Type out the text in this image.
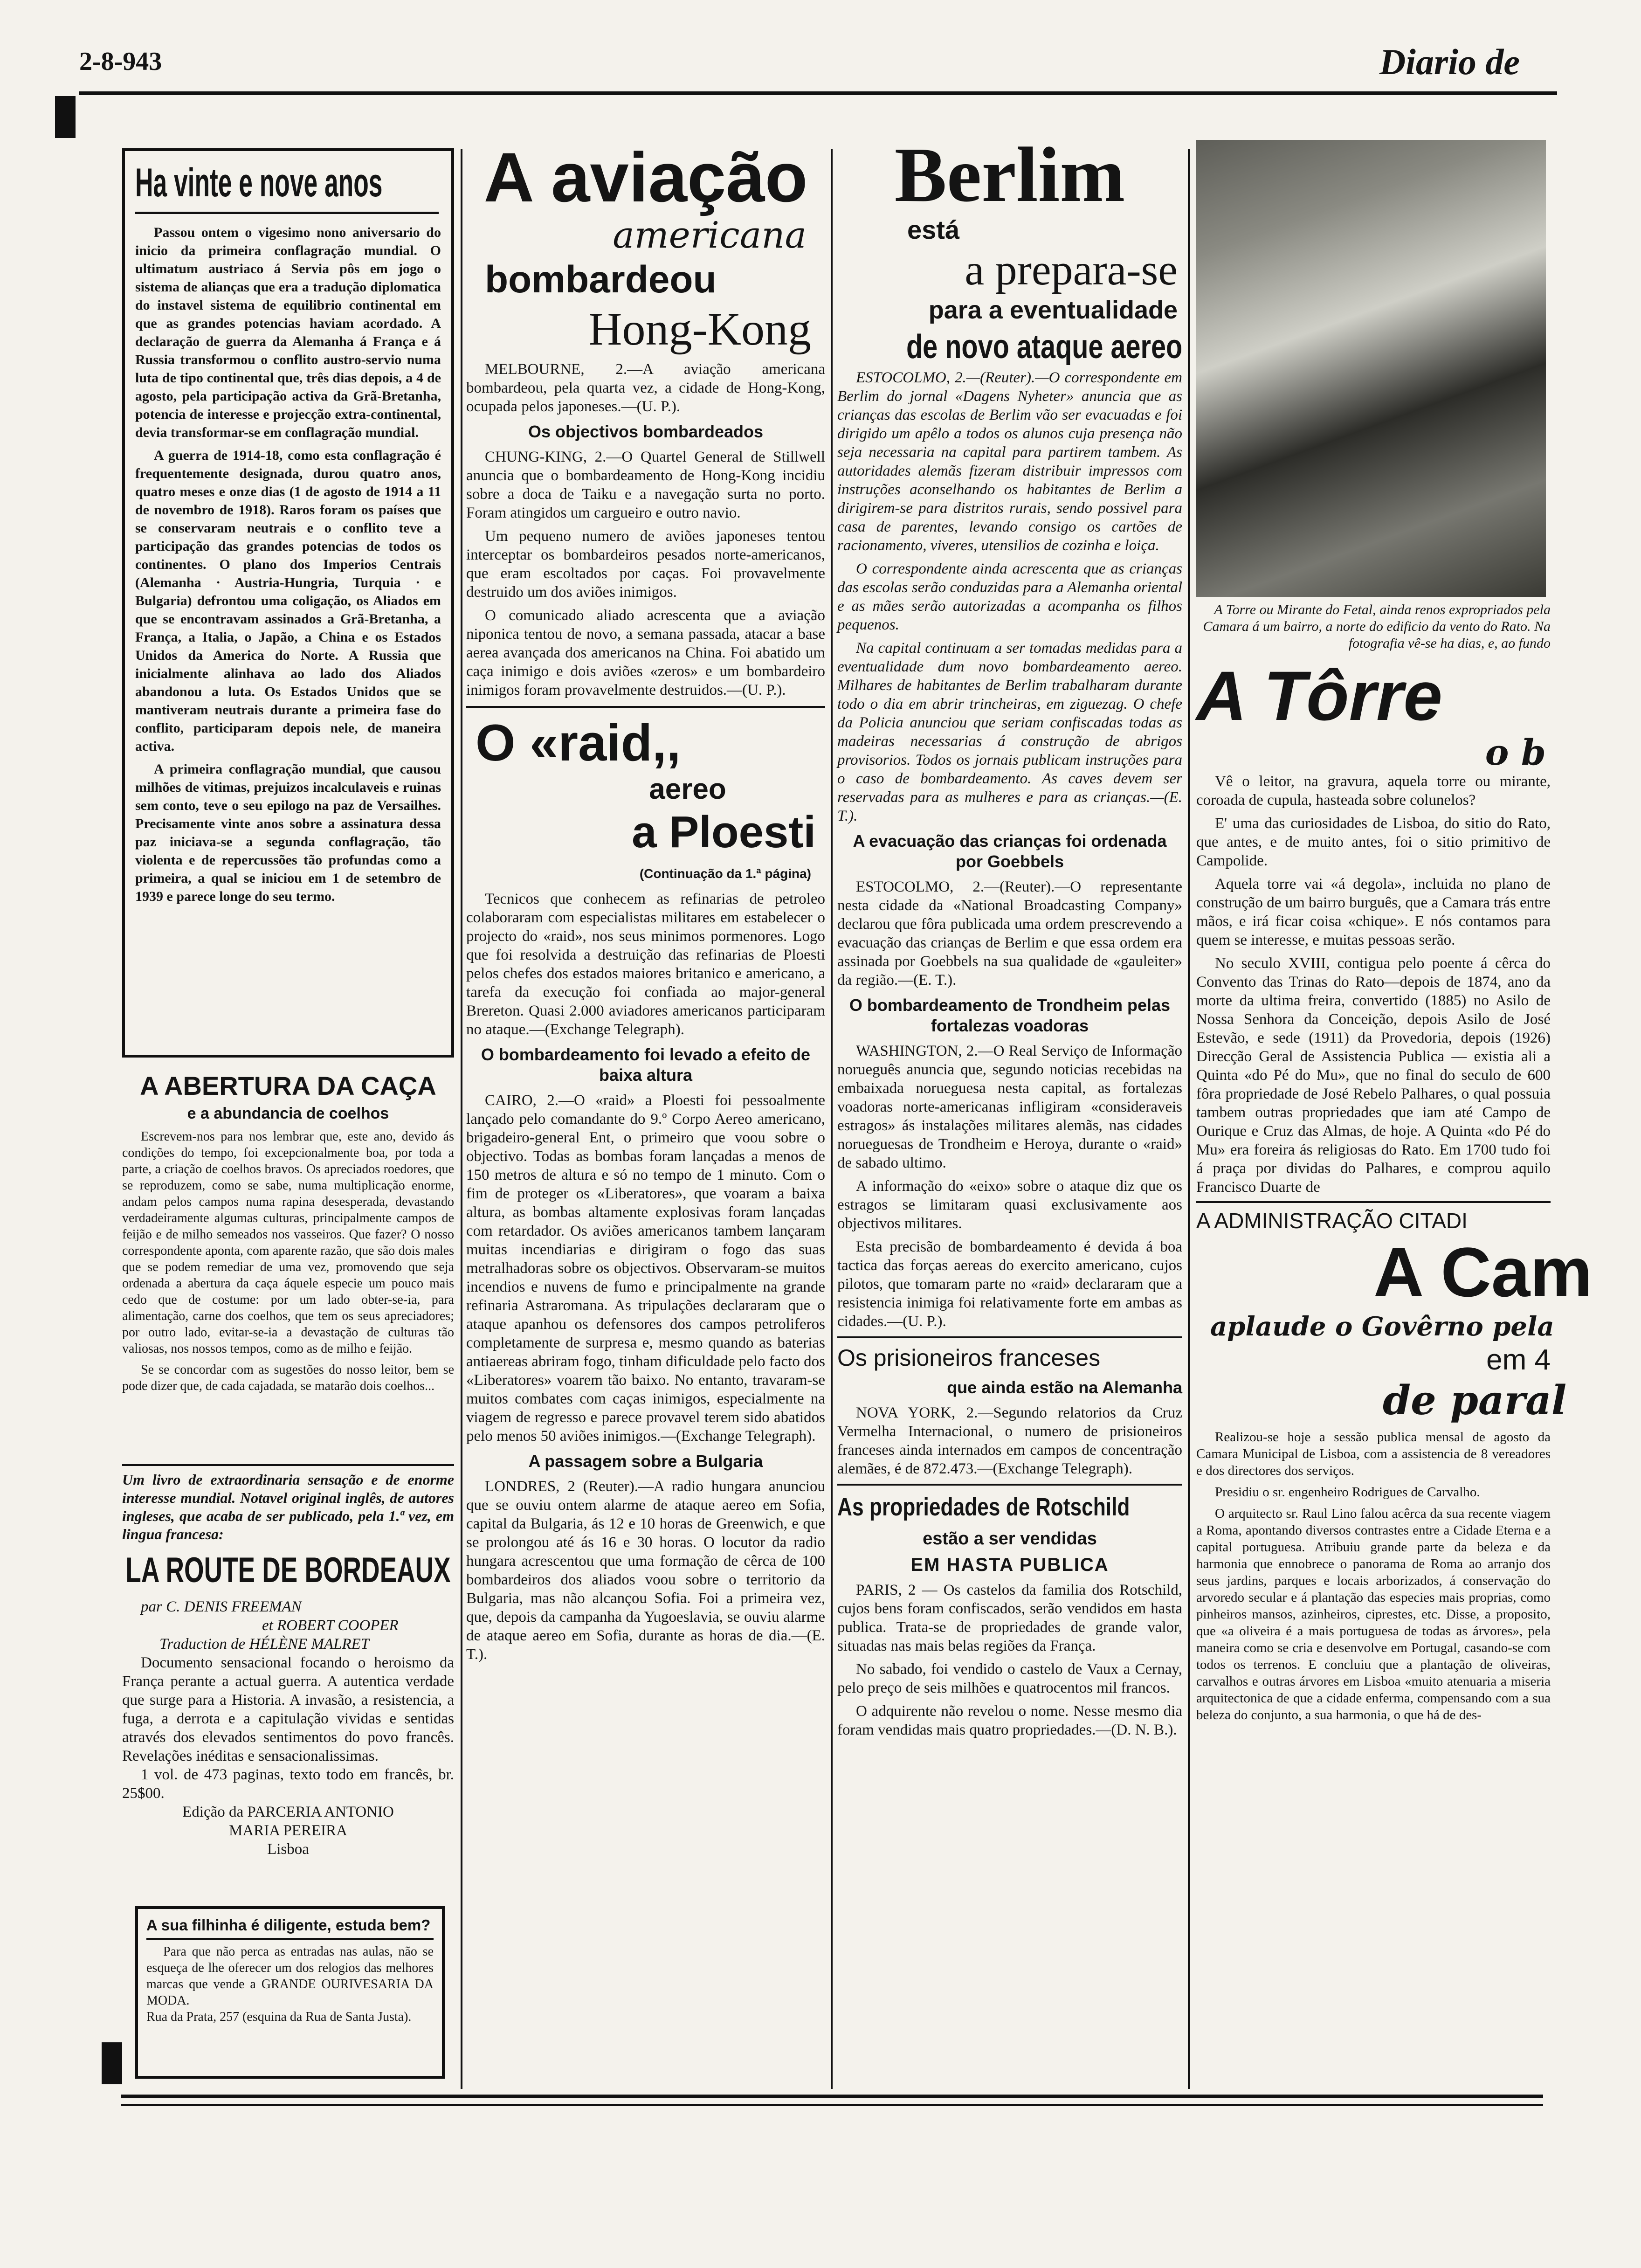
2-8-943	Diario de
Ha vinte e nove anos

Passou ontem o vigesimo nono aniversario do inicio da primeira conflagração mundial. O ultimatum austriaco á Servia pôs em jogo o sistema de alianças que era a tradução diplomatica do instavel sistema de equilibrio continental em que as grandes potencias haviam acordado. A declaração de guerra da Alemanha á França e á Russia transformou o conflito austro-servio numa luta de tipo continental que, três dias depois, a 4 de agosto, pela participação activa da Grã-Bretanha, potencia de interesse e projecção extra-continental, devia transformar-se em conflagração mundial.

A guerra de 1914-18, como esta conflagração é frequentemente designada, durou quatro anos, quatro meses e onze dias (1 de agosto de 1914 a 11 de novembro de 1918). Raros foram os países que se conservaram neutrais e o conflito teve a participação das grandes potencias de todos os continentes. O plano dos Imperios Centrais (Alemanha · Austria-Hungria, Turquia · e Bulgaria) defrontou uma coligação, os Aliados em que se encontravam assinados a Grã-Bretanha, a França, a Italia, o Japão, a China e os Estados Unidos da America do Norte. A Russia que inicialmente alinhava ao lado dos Aliados abandonou a luta. Os Estados Unidos que se mantiveram neutrais durante a primeira fase do conflito, participaram depois nele, de maneira activa.

A primeira conflagração mundial, que causou milhões de vitimas, prejuizos incalculaveis e ruinas sem conto, teve o seu epilogo na paz de Versailhes. Precisamente vinte anos sobre a assinatura dessa paz iniciava-se a segunda conflagração, tão violenta e de repercussões tão profundas como a primeira, a qual se iniciou em 1 de setembro de 1939 e parece longe do seu termo.

A ABERTURA DA CAÇA
e a abundancia de coelhos

Escrevem-nos para nos lembrar que, este ano, devido ás condições do tempo, foi excepcionalmente boa, por toda a parte, a criação de coelhos bravos. Os apreciados roedores, que se reproduzem, como se sabe, numa multiplicação enorme, andam pelos campos numa rapina desesperada, devastando verdadeiramente algumas culturas, principalmente campos de feijão e de milho semeados nos vasseiros. Que fazer? O nosso correspondente aponta, com aparente razão, que são dois males que se podem remediar de uma vez, promovendo que seja ordenada a abertura da caça áquele especie um pouco mais cedo que de costume: por um lado obter-se-ia, para alimentação, carne dos coelhos, que tem os seus apreciadores; por outro lado, evitar-se-ia a devastação de culturas tão valiosas, nos nossos tempos, como as de milho e feijão.

Se se concordar com as sugestões do nosso leitor, bem se pode dizer que, de cada cajadada, se matarão dois coelhos...

Um livro de extraordinaria sensação e de enorme interesse mundial. Notavel original inglês, de autores ingleses, que acaba de ser publicado, pela 1.ª vez, em lingua francesa:
LA ROUTE DE BORDEAUX
par C. DENIS FREEMAN
et ROBERT COOPER
Traduction de HÉLÈNE MALRET
Documento sensacional focando o heroismo da França perante a actual guerra. A autentica verdade que surge para a Historia. A invasão, a resistencia, a fuga, a derrota e a capitulação vividas e sentidas através dos elevados sentimentos do povo francês. Revelações inéditas e sensacionalissimas.
1 vol. de 473 paginas, texto todo em francês, br. 25$00.
Edição da PARCERIA ANTONIO
MARIA PEREIRA
Lisboa
A sua filhinha é diligente, estuda bem?
Para que não perca as entradas nas aulas, não se esqueça de lhe oferecer um dos relogios das melhores marcas que vende a GRANDE OURIVESARIA DA MODA.
Rua da Prata, 257 (esquina da Rua de Santa Justa).
A aviação
americana
bombardeou
Hong-Kong

MELBOURNE, 2.—A aviação americana bombardeou, pela quarta vez, a cidade de Hong-Kong, ocupada pelos japoneses.—(U. P.).

Os objectivos bombardeados

CHUNG-KING, 2.—O Quartel General de Stillwell anuncia que o bombardeamento de Hong-Kong incidiu sobre a doca de Taiku e a navegação surta no porto. Foram atingidos um cargueiro e outro navio.

Um pequeno numero de aviões japoneses tentou interceptar os bombardeiros pesados norte-americanos, que eram escoltados por caças. Foi provavelmente destruido um dos aviões inimigos.

O comunicado aliado acrescenta que a aviação niponica tentou de novo, a semana passada, atacar a base aerea avançada dos americanos na China. Foi abatido um caça inimigo e dois aviões «zeros» e um bombardeiro inimigos foram provavelmente destruidos.—(U. P.).

O «raid,,
aereo
a Ploesti
(Continuação da 1.ª página)

Tecnicos que conhecem as refinarias de petroleo colaboraram com especialistas militares em estabelecer o projecto do «raid», nos seus minimos pormenores. Logo que foi resolvida a destruição das refinarias de Ploesti pelos chefes dos estados maiores britanico e americano, a tarefa da execução foi confiada ao major-general Brereton. Quasi 2.000 aviadores americanos participaram no ataque.—(Exchange Telegraph).

O bombardeamento foi levado a efeito de baixa altura

CAIRO, 2.—O «raid» a Ploesti foi pessoalmente lançado pelo comandante do 9.º Corpo Aereo americano, brigadeiro-general Ent, o primeiro que voou sobre o objectivo. Todas as bombas foram lançadas a menos de 150 metros de altura e só no tempo de 1 minuto. Com o fim de proteger os «Liberatores», que voaram a baixa altura, as bombas altamente explosivas foram lançadas com retardador. Os aviões americanos tambem lançaram muitas incendiarias e dirigiram o fogo das suas metralhadoras sobre os objectivos. Observaram-se muitos incendios e nuvens de fumo e principalmente na grande refinaria Astraromana. As tripulações declararam que o ataque apanhou os defensores dos campos petroliferos completamente de surpresa e, mesmo quando as baterias antiaereas abriram fogo, tinham dificuldade pelo facto dos «Liberatores» voarem tão baixo. No entanto, travaram-se muitos combates com caças inimigos, especialmente na viagem de regresso e parece provavel terem sido abatidos pelo menos 50 aviões inimigos.—(Exchange Telegraph).

A passagem sobre a Bulgaria

LONDRES, 2 (Reuter).—A radio hungara anunciou que se ouviu ontem alarme de ataque aereo em Sofia, capital da Bulgaria, ás 12 e 10 horas de Greenwich, e que se prolongou até ás 16 e 30 horas. O locutor da radio hungara acrescentou que uma formação de cêrca de 100 bombardeiros dos aliados voou sobre o territorio da Bulgaria, mas não alcançou Sofia. Foi a primeira vez, que, depois da campanha da Yugoeslavia, se ouviu alarme de ataque aereo em Sofia, durante as horas de dia.—(E. T.).

Berlim
está
a prepara-se
para a eventualidade
de novo ataque aereo

ESTOCOLMO, 2.—(Reuter).—O correspondente em Berlim do jornal «Dagens Nyheter» anuncia que as crianças das escolas de Berlim vão ser evacuadas e foi dirigido um apêlo a todos os alunos cuja presença não seja necessaria na capital para partirem tambem. As autoridades alemãs fizeram distribuir impressos com instruções aconselhando os habitantes de Berlim a dirigirem-se para distritos rurais, sendo possivel para casa de parentes, levando consigo os cartões de racionamento, viveres, utensilios de cozinha e loiça.

O correspondente ainda acrescenta que as crianças das escolas serão conduzidas para a Alemanha oriental e as mães serão autorizadas a acompanha os filhos pequenos.

Na capital continuam a ser tomadas medidas para a eventualidade dum novo bombardeamento aereo. Milhares de habitantes de Berlim trabalharam durante todo o dia em abrir trincheiras, em ziguezag. O chefe da Policia anunciou que seriam confiscadas todas as madeiras necessarias á construção de abrigos provisorios. Todos os jornais publicam instruções para o caso de bombardeamento. As caves devem ser reservadas para as mulheres e para as crianças.—(E. T.).

A evacuação das crianças foi ordenada por Goebbels

ESTOCOLMO, 2.—(Reuter).—O representante nesta cidade da «National Broadcasting Company» declarou que fôra publicada uma ordem prescrevendo a evacuação das crianças de Berlim e que essa ordem era assinada por Goebbels na sua qualidade de «gauleiter» da região.—(E. T.).

O bombardeamento de Trondheim pelas fortalezas voadoras

WASHINGTON, 2.—O Real Serviço de Informação norueguês anuncia que, segundo noticias recebidas na embaixada norueguesa nesta capital, as fortalezas voadoras norte-americanas infligiram «consideraveis estragos» ás instalações militares alemãs, nas cidades norueguesas de Trondheim e Heroya, durante o «raid» de sabado ultimo.

A informação do «eixo» sobre o ataque diz que os estragos se limitaram quasi exclusivamente aos objectivos militares.

Esta precisão de bombardeamento é devida á boa tactica das forças aereas do exercito americano, cujos pilotos, que tomaram parte no «raid» declararam que a resistencia inimiga foi relativamente forte em ambas as cidades.—(U. P.).

Os prisioneiros franceses
que ainda estão na Alemanha

NOVA YORK, 2.—Segundo relatorios da Cruz Vermelha Internacional, o numero de prisioneiros franceses ainda internados em campos de concentração alemães, é de 872.473.—(Exchange Telegraph).

As propriedades de Rotschild
estão a ser vendidas
EM HASTA PUBLICA

PARIS, 2 — Os castelos da familia dos Rotschild, cujos bens foram confiscados, serão vendidos em hasta publica. Trata-se de propriedades de grande valor, situadas nas mais belas regiões da França.

No sabado, foi vendido o castelo de Vaux a Cernay, pelo preço de seis milhões e quatrocentos mil francos.

O adquirente não revelou o nome. Nesse mesmo dia foram vendidas mais quatro propriedades.—(D. N. B.).

A Torre ou Mirante do Fetal, ainda renos expropriados pela Camara á um bairro, a norte do edificio da vento do Rato. Na fotografia vê-se ha dias, e, ao fundo
A Tôrre
o b

Vê o leitor, na gravura, aquela torre ou mirante, coroada de cupula, hasteada sobre colunelos?

E' uma das curiosidades de Lisboa, do sitio do Rato, que antes, e de muito antes, foi o sitio primitivo de Campolide.

Aquela torre vai «á degola», incluida no plano de construção de um bairro burguês, que a Camara trás entre mãos, e irá ficar coisa «chique». E nós contamos para quem se interesse, e muitas pessoas serão.

No seculo XVIII, contigua pelo poente á cêrca do Convento das Trinas do Rato—depois de 1874, ano da morte da ultima freira, convertido (1885) no Asilo de Nossa Senhora da Conceição, depois Asilo de José Estevão, e sede (1911) da Provedoria, depois (1926) Direcção Geral de Assistencia Publica — existia ali a Quinta «do Pé do Mu», que no final do seculo de 600 fôra propriedade de José Rebelo Palhares, o qual possuia tambem outras propriedades que iam até Campo de Ourique e Cruz das Almas, de hoje. A Quinta «do Pé do Mu» era foreira ás religiosas do Rato. Em 1700 tudo foi á praça por dividas do Palhares, e comprou aquilo Francisco Duarte de

A ADMINISTRAÇÃO CITADI
A Cam
aplaude o Govêrno pela
em 4
de paral

Realizou-se hoje a sessão publica mensal de agosto da Camara Municipal de Lisboa, com a assistencia de 8 vereadores e dos directores dos serviços.

Presidiu o sr. engenheiro Rodrigues de Carvalho.

O arquitecto sr. Raul Lino falou acêrca da sua recente viagem a Roma, apontando diversos contrastes entre a Cidade Eterna e a capital portuguesa. Atribuiu grande parte da beleza e da harmonia que ennobrece o panorama de Roma ao arranjo dos seus jardins, parques e locais arborizados, á conservação do arvoredo secular e á plantação das especies mais proprias, como pinheiros mansos, azinheiros, ciprestes, etc. Disse, a proposito, que «a oliveira é a mais portuguesa de todas as árvores», pela maneira como se cria e desenvolve em Portugal, casando-se com todos os terrenos. E concluiu que a plantação de oliveiras, carvalhos e outras árvores em Lisboa «muito atenuaria a miseria arquitectonica de que a cidade enferma, compensando com a sua beleza do conjunto, a sua harmonia, o que há de des-
